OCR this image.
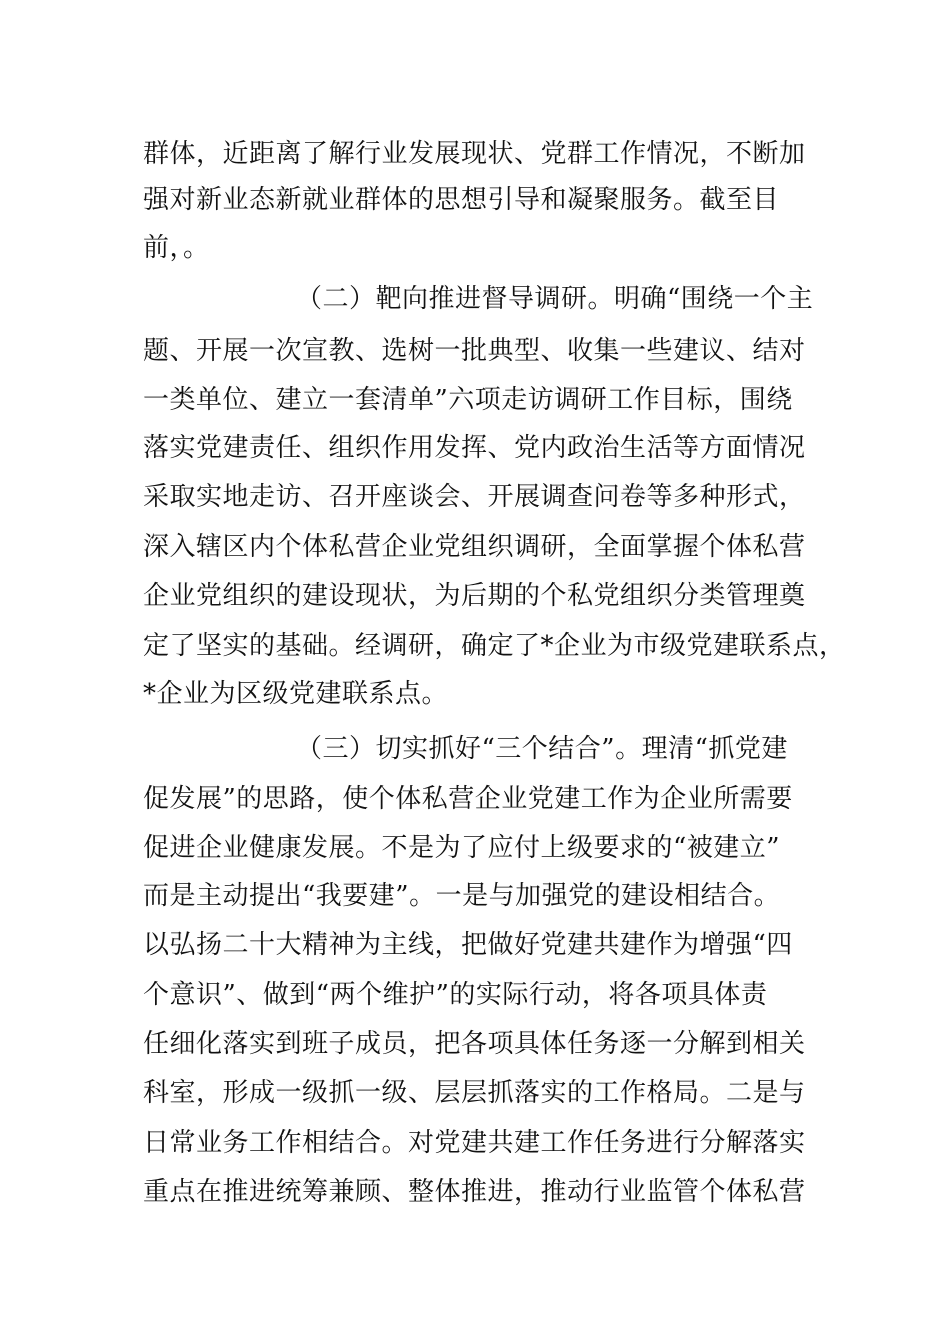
群体，近距离了解行业发展现状、党群工作情况，不断加
强对新业态新就业群体的思想引导和凝聚服务。截至目
前，。
（二）靶向推进督导调研。明确“围绕一个主
题、开展一次宣教、选树一批典型、收集一些建议、结对
一类单位、建立一套清单”六项走访调研工作目标，围绕
落实党建责任、组织作用发挥、党内政治生活等方面情况
采取实地走访、召开座谈会、开展调查问卷等多种形式，
深入辖区内个体私营企业党组织调研，全面掌握个体私营
企业党组织的建设现状，为后期的个私党组织分类管理奠
定了坚实的基础。经调研，确定了*企业为市级党建联系点，
*企业为区级党建联系点。
（三）切实抓好“三个结合”。理清“抓党建
促发展”的思路，使个体私营企业党建工作为企业所需要
促进企业健康发展。不是为了应付上级要求的“被建立”
而是主动提出“我要建”。一是与加强党的建设相结合。
以弘扬二十大精神为主线，把做好党建共建作为增强“四
个意识”、做到“两个维护”的实际行动，将各项具体责
任细化落实到班子成员，把各项具体任务逐一分解到相关
科室，形成一级抓一级、层层抓落实的工作格局。二是与
日常业务工作相结合。对党建共建工作任务进行分解落实
重点在推进统筹兼顾、整体推进，推动行业监管个体私营
